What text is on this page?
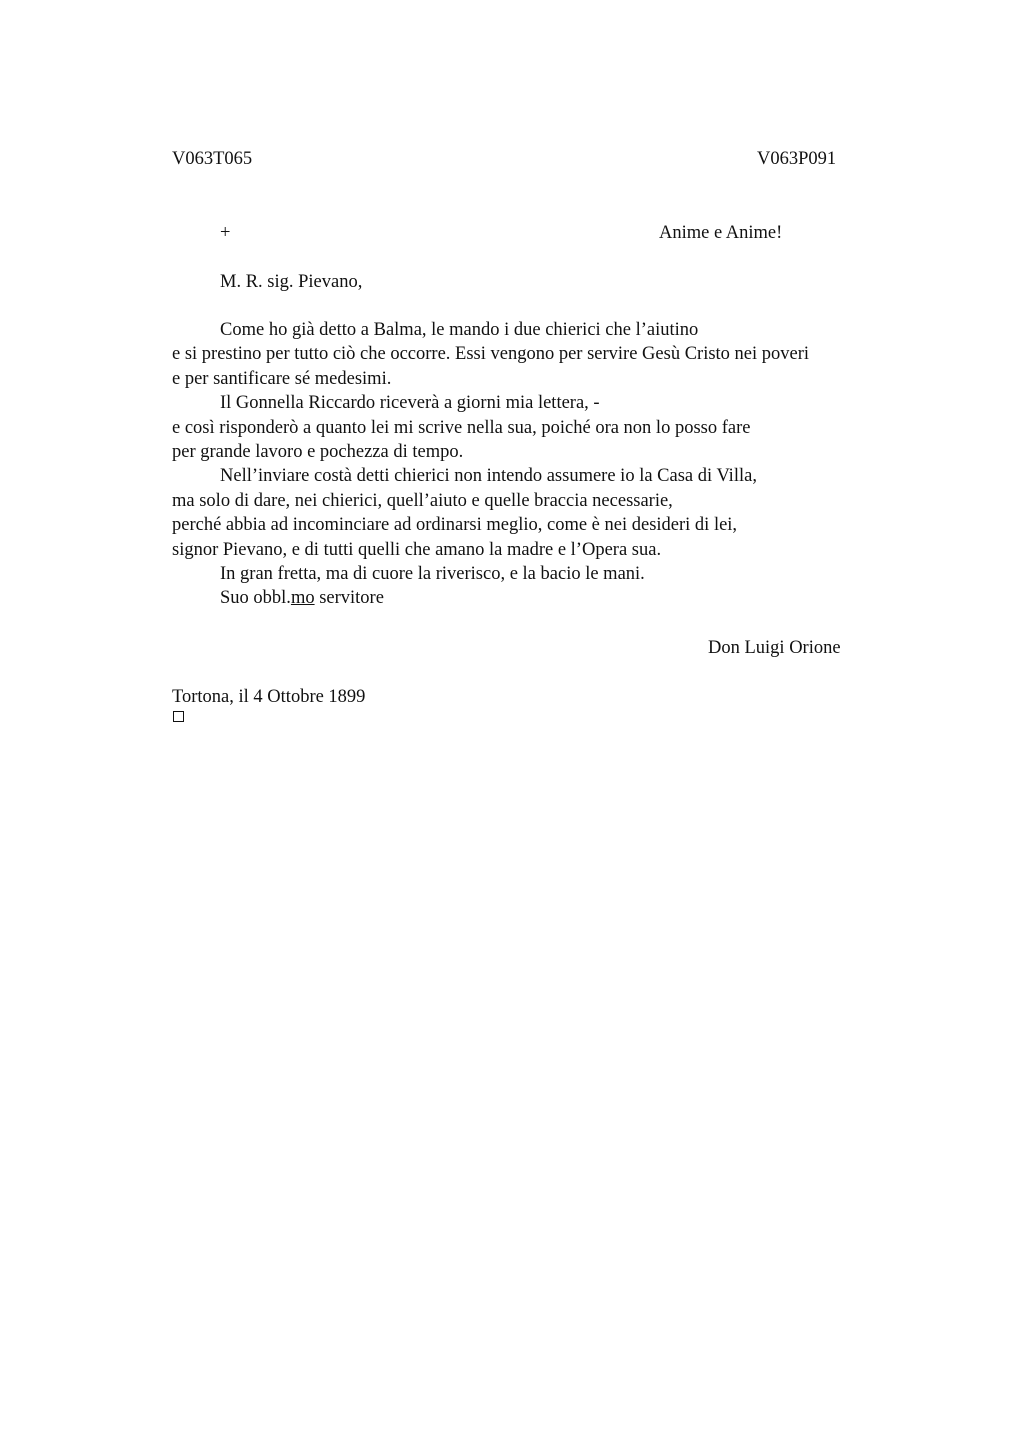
V063T065	V063P091
+	Anime e Anime!
M. R. sig. Pievano,
Come ho già detto a Balma, le mando i due chierici che l’aiutino
e si prestino per tutto ciò che occorre. Essi vengono per servire Gesù Cristo nei poveri
e per santificare sé medesimi.
Il Gonnella Riccardo riceverà a giorni mia lettera, -
e così risponderò a quanto lei mi scrive nella sua, poiché ora non lo posso fare
per grande lavoro e pochezza di tempo.
Nell’inviare costà detti chierici non intendo assumere io la Casa di Villa,
ma solo di dare, nei chierici, quell’aiuto e quelle braccia necessarie,
perché abbia ad incominciare ad ordinarsi meglio, come è nei desideri di lei,
signor Pievano, e di tutti quelli che amano la madre e l’Opera sua.
In gran fretta, ma di cuore la riverisco, e la bacio le mani.
Suo obbl.mo servitore
Don Luigi Orione
Tortona, il 4 Ottobre 1899
